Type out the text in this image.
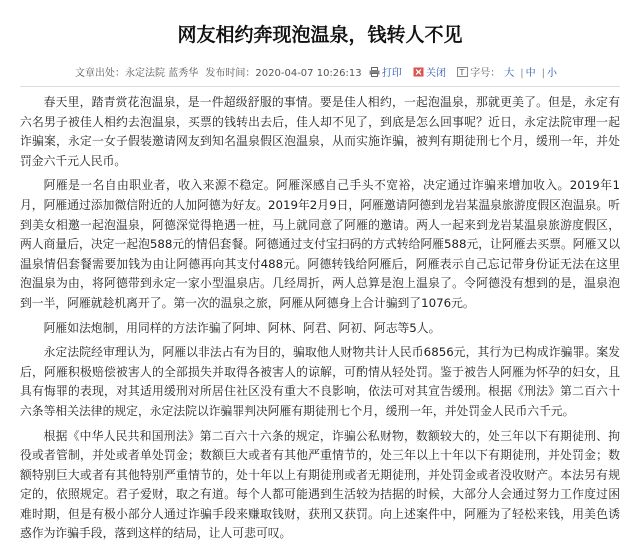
网友相约奔现泡温泉，钱转人不见
文章出处：永定法院 蓝秀华 发布时间：2020-04-07 10:26:13 打印 关闭 T 字号： 大 | 中 | 小

春天里，踏青赏花泡温泉，是一件超级舒服的事情。要是佳人相约，一起泡温泉，那就更美了。但是，永定有六名男子被佳人相约去泡温泉，买票的钱转出去后，佳人却不见了，到底是怎么回事呢？近日，永定法院审理一起诈骗案，永定一女子假装邀请网友到知名温泉假区泡温泉，从而实施诈骗，被判有期徒刑七个月，缓刑一年，并处罚金六千元人民币。

阿雁是一名自由职业者，收入来源不稳定。阿雁深感自己手头不宽裕，决定通过诈骗来增加收入。2019年1月，阿雁通过添加微信附近的人加阿德为好友。2019年2月9日，阿雁邀请阿德到龙岩某温泉旅游度假区泡温泉。听到美女相邀一起泡温泉，阿德深觉得艳遇一桩，马上就同意了阿雁的邀请。两人一起来到龙岩某温泉旅游度假区，两人商量后，决定一起泡588元的情侣套餐。阿德通过支付宝扫码的方式转给阿雁588元，让阿雁去买票。阿雁又以温泉情侣套餐需要加钱为由让阿德再向其支付488元。阿德转钱给阿雁后，阿雁表示自己忘记带身份证无法在这里泡温泉为由，将阿德带到永定一家小型温泉店。几经周折，两人总算是泡上温泉了。令阿德没有想到的是，温泉泡到一半，阿雁就趁机离开了。第一次的温泉之旅，阿雁从阿德身上合计骗到了1076元。

阿雁如法炮制，用同样的方法诈骗了阿坤、阿林、阿君、阿初、阿志等5人。

永定法院经审理认为，阿雁以非法占有为目的，骗取他人财物共计人民币6856元，其行为已构成诈骗罪。案发后，阿雁积极赔偿被害人的全部损失并取得各被害人的谅解，可酌情从轻处罚。鉴于被告人阿雁为怀孕的妇女，且具有悔罪的表现，对其适用缓刑对所居住社区没有重大不良影响，依法可对其宣告缓刑。根据《刑法》第二百六十六条等相关法律的规定，永定法院以诈骗罪判决阿雁有期徒刑七个月，缓刑一年，并处罚金人民币六千元。

根据《中华人民共和国刑法》第二百六十六条的规定，诈骗公私财物，数额较大的，处三年以下有期徒刑、拘役或者管制，并处或者单处罚金；数额巨大或者有其他严重情节的，处三年以上十年以下有期徒刑，并处罚金；数额特别巨大或者有其他特别严重情节的，处十年以上有期徒刑或者无期徒刑，并处罚金或者没收财产。本法另有规定的，依照规定。君子爱财，取之有道。每个人都可能遇到生活较为拮据的时候，大部分人会通过努力工作度过困难时期，但是有极小部分人通过诈骗手段来赚取钱财，获刑又获罚。向上述案件中，阿雁为了轻松来钱，用美色诱惑作为诈骗手段，落到这样的结局，让人可悲可叹。
